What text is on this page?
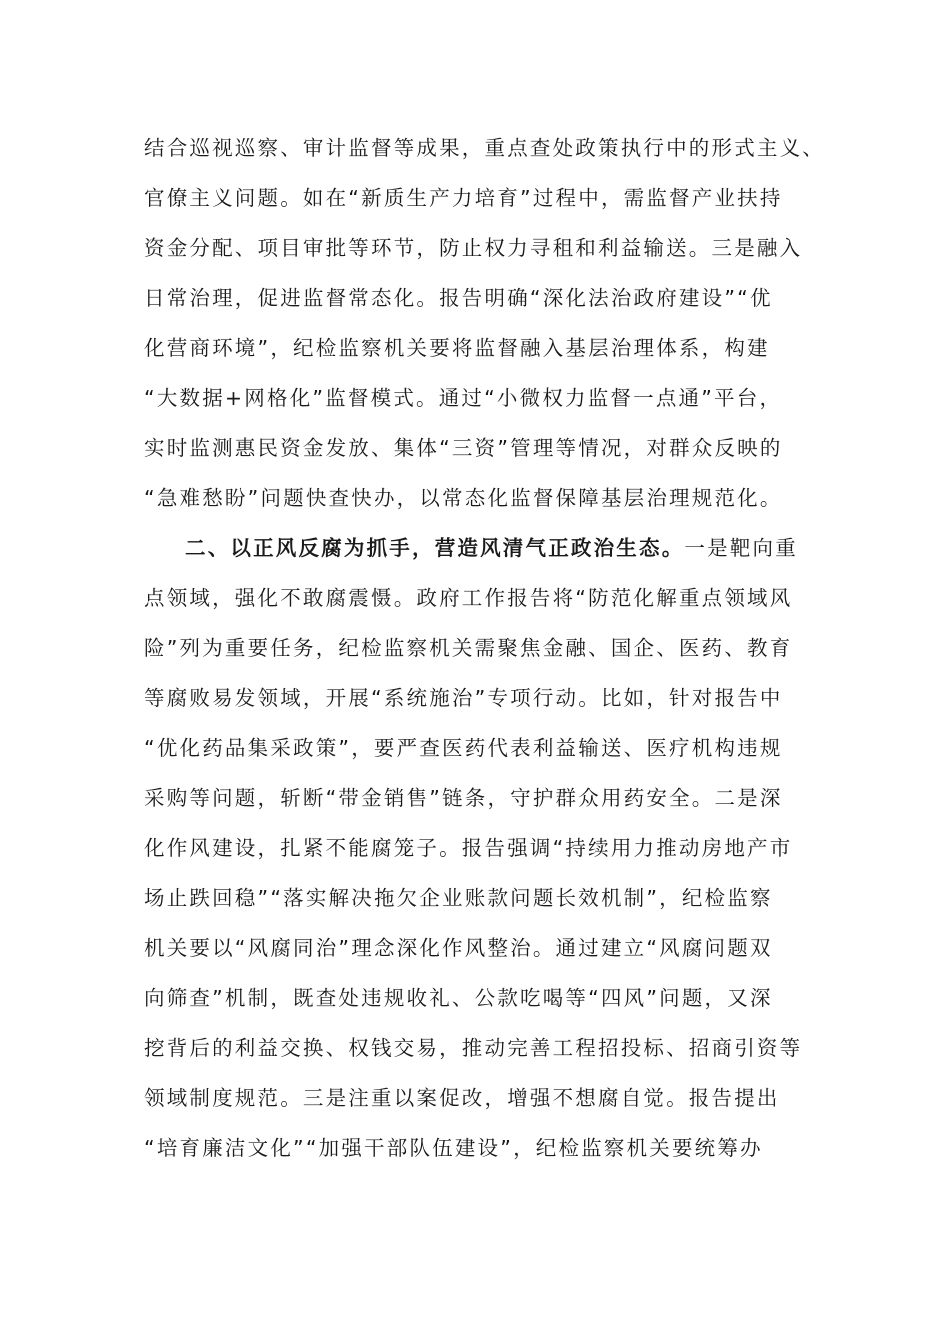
结合巡视巡察、审计监督等成果，重点查处政策执行中的形式主义、
官僚主义问题。如在“新质生产力培育”过程中，需监督产业扶持
资金分配、项目审批等环节，防止权力寻租和利益输送。三是融入
日常治理，促进监督常态化。报告明确“深化法治政府建设”“优
化营商环境”，纪检监察机关要将监督融入基层治理体系，构建
“大数据+网格化”监督模式。通过“小微权力监督一点通”平台，
实时监测惠民资金发放、集体“三资”管理等情况，对群众反映的
“急难愁盼”问题快查快办，以常态化监督保障基层治理规范化。
二、以正风反腐为抓手，营造风清气正政治生态。一是靶向重
点领域，强化不敢腐震慑。政府工作报告将“防范化解重点领域风
险”列为重要任务，纪检监察机关需聚焦金融、国企、医药、教育
等腐败易发领域，开展“系统施治”专项行动。比如，针对报告中
“优化药品集采政策”，要严查医药代表利益输送、医疗机构违规
采购等问题，斩断“带金销售”链条，守护群众用药安全。二是深
化作风建设，扎紧不能腐笼子。报告强调“持续用力推动房地产市
场止跌回稳”“落实解决拖欠企业账款问题长效机制”，纪检监察
机关要以“风腐同治”理念深化作风整治。通过建立“风腐问题双
向筛查”机制，既查处违规收礼、公款吃喝等“四风”问题，又深
挖背后的利益交换、权钱交易，推动完善工程招投标、招商引资等
领域制度规范。三是注重以案促改，增强不想腐自觉。报告提出
“培育廉洁文化”“加强干部队伍建设”，纪检监察机关要统筹办
